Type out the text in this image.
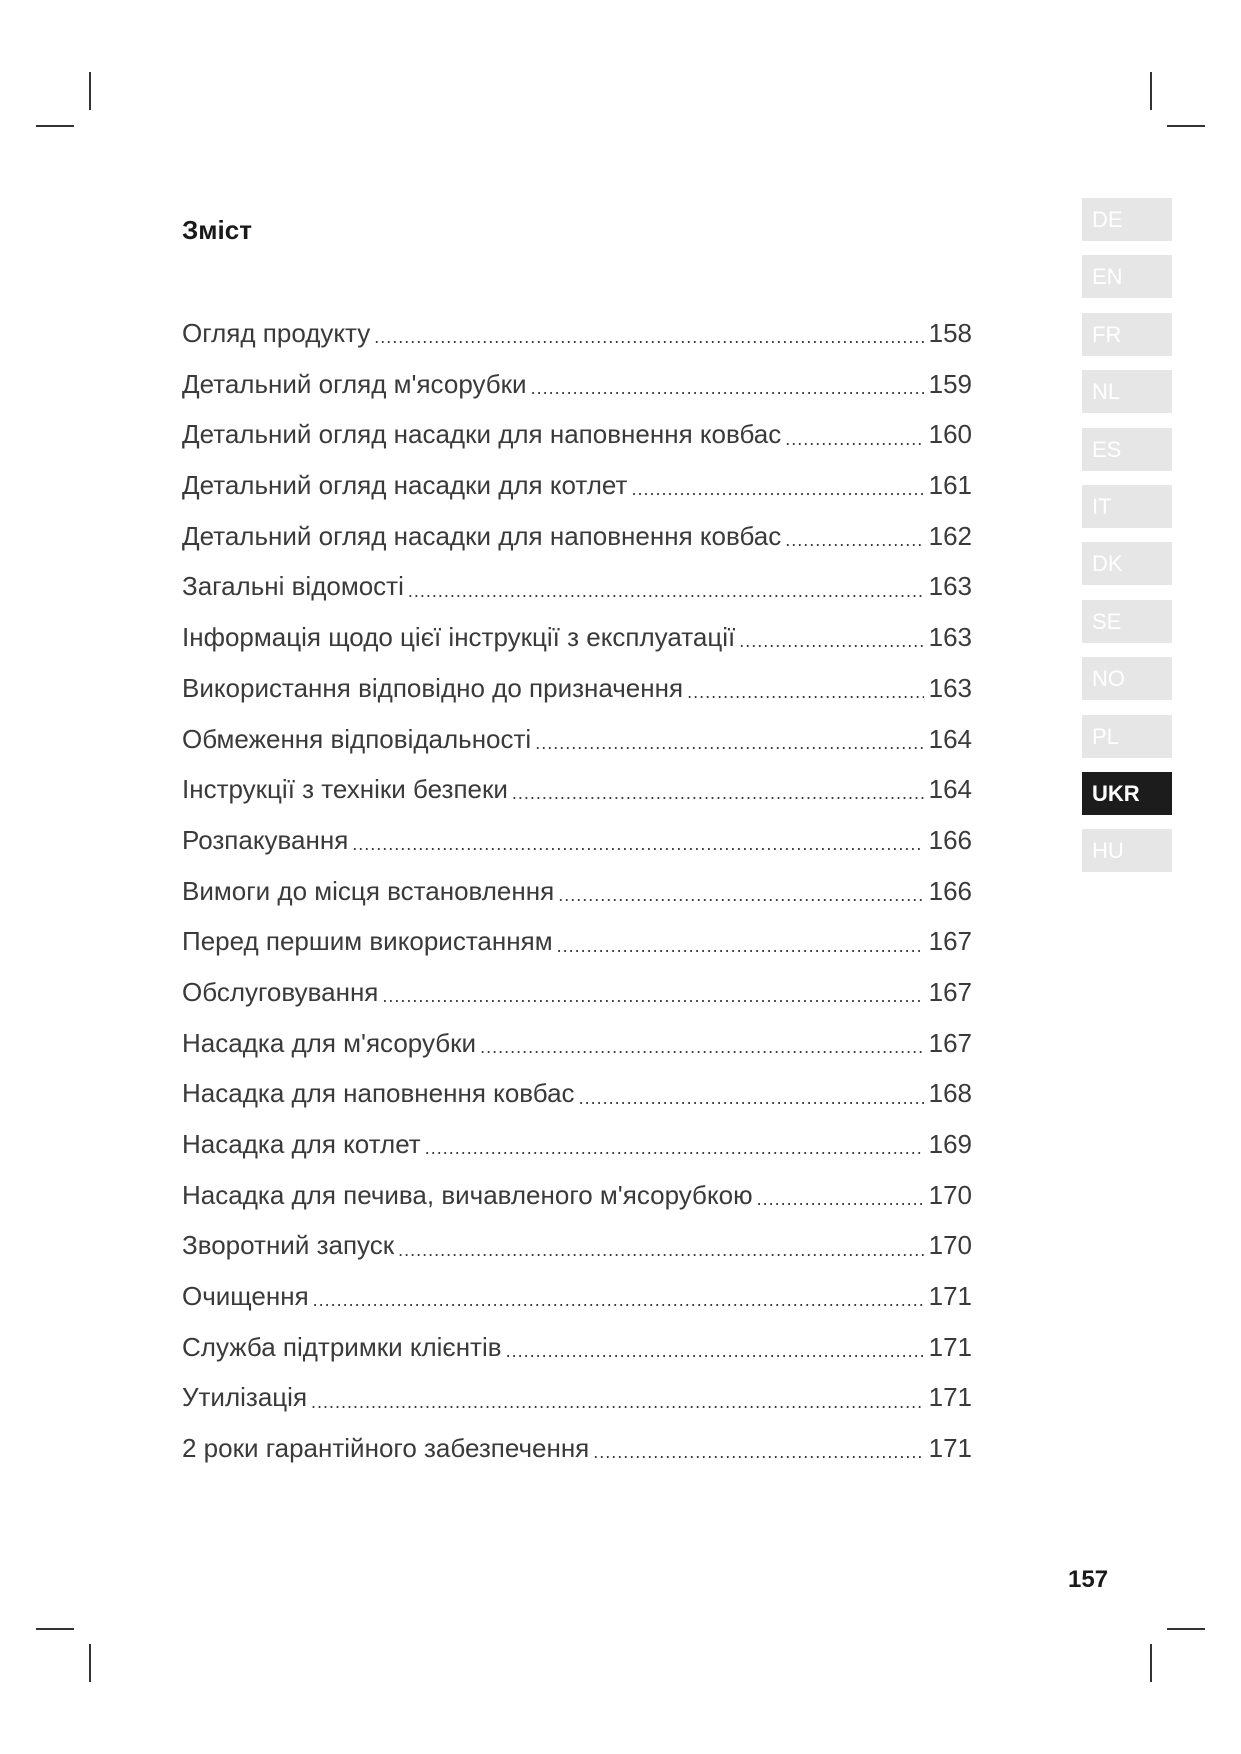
Зміст
Огляд продукту .....	158
Детальний огляд м'ясорубки .....	159
Детальний огляд насадки для наповнення ковбас .....	160
Детальний огляд насадки для котлет .....	161
Детальний огляд насадки для наповнення ковбас .....	162
Загальні відомості .....	163
Інформація щодо цієї інструкції з експлуатації .....	163
Використання відповідно до призначення .....	163
Обмеження відповідальності .....	164
Інструкції з техніки безпеки .....	164
Розпакування .....	166
Вимоги до місця встановлення .....	166
Перед першим використанням .....	167
Обслуговування .....	167
Насадка для м'ясорубки .....	167
Насадка для наповнення ковбас .....	168
Насадка для котлет .....	169
Насадка для печива, вичавленого м'ясорубкою .....	170
Зворотний запуск .....	170
Очищення .....	171
Служба підтримки клієнтів .....	171
Утилізація .....	171
2 роки гарантійного забезпечення .....	171
DE
EN
FR
NL
ES
IT
DK
SE
NO
PL
UKR
HU
157
